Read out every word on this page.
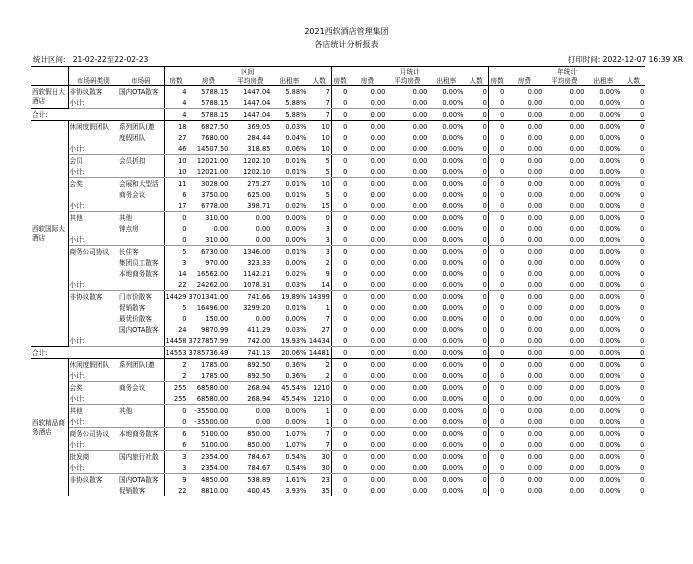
2021西软酒店管理集团
各店统计分析报表
统计区间: 21-02-22至22-02-23	打印时间: 2022-12-07 16:39 XR
			区间					月统计					年统计				
	市场码类别	市场码	房数	房费	平均房费	出租率	人数	房数	房费	平均房费	出租率	人数	房数	房费	平均房费	出租率	人数
西软假日大酒店	非协议散客	国内OTA散客	4	5788.15	1447.04	5.88%	7	0	0.00	0.00	0.00%	0	0	0.00	0.00	0.00%	0
	小计:		4	5788.15	1447.04	5.88%	7	0	0.00	0.00	0.00%	0	0	0.00	0.00	0.00%	0
合计:			4	5788.15	1447.04	5.88%	7	0	0.00	0.00	0.00%	0	0	0.00	0.00	0.00%	0
西软国际大酒店	休闲度假团队	系列团队(邀	18	6827.50	369.05	0.03%	10	0	0.00	0.00	0.00%	0	0	0.00	0.00	0.00%	0
		度假团队	27	7680.00	284.44	0.04%	10	0	0.00	0.00	0.00%	0	0	0.00	0.00	0.00%	0
	小计:		46	14507.50	318.85	0.06%	10	0	0.00	0.00	0.00%	0	0	0.00	0.00	0.00%	0
	会员	会员折扣	10	12021.00	1202.10	0.01%	5	0	0.00	0.00	0.00%	0	0	0.00	0.00	0.00%	0
	小计:		10	12021.00	1202.10	0.01%	5	0	0.00	0.00	0.00%	0	0	0.00	0.00	0.00%	0
	会奖	会展和大型活	11	3028.00	275.27	0.01%	10	0	0.00	0.00	0.00%	0	0	0.00	0.00	0.00%	0
		商务会议	6	3750.00	625.00	0.01%	5	0	0.00	0.00	0.00%	0	0	0.00	0.00	0.00%	0
	小计:		17	6778.00	398.71	0.02%	15	0	0.00	0.00	0.00%	0	0	0.00	0.00	0.00%	0
	其他	其他	0	310.00	0.00	0.00%	0	0	0.00	0.00	0.00%	0	0	0.00	0.00	0.00%	0
		钟点房	0	0.00	0.00	0.00%	3	0	0.00	0.00	0.00%	0	0	0.00	0.00	0.00%	0
	小计:		0	310.00	0.00	0.00%	3	0	0.00	0.00	0.00%	0	0	0.00	0.00	0.00%	0
	商务公司协议	长住客	5	6730.00	1346.00	0.01%	3	0	0.00	0.00	0.00%	0	0	0.00	0.00	0.00%	0
		集团员工散客	3	970.00	323.33	0.00%	2	0	0.00	0.00	0.00%	0	0	0.00	0.00	0.00%	0
		本地商务散客	14	16562.00	1142.21	0.02%	9	0	0.00	0.00	0.00%	0	0	0.00	0.00	0.00%	0
	小计:		22	24262.00	1078.31	0.03%	14	0	0.00	0.00	0.00%	0	0	0.00	0.00	0.00%	0
	非协议散客	门市价散客	14429	3701341.00	741.66	19.89%	14399	0	0.00	0.00	0.00%	0	0	0.00	0.00	0.00%	0
		促销散客	5	16496.00	3299.20	0.01%	1	0	0.00	0.00	0.00%	0	0	0.00	0.00	0.00%	0
		最优价散客	0	150.00	0.00	0.00%	7	0	0.00	0.00	0.00%	0	0	0.00	0.00	0.00%	0
		国内OTA散客	24	9870.99	411.29	0.03%	27	0	0.00	0.00	0.00%	0	0	0.00	0.00	0.00%	0
	小计:		14458	3727857.99	742.00	19.93%	14434	0	0.00	0.00	0.00%	0	0	0.00	0.00	0.00%	0
合计:			14553	3785736.49	741.13	20.06%	14481	0	0.00	0.00	0.00%	0	0	0.00	0.00	0.00%	0
西软精品商务酒店	休闲度假团队	系列团队(邀	2	1785.00	892.50	0.36%	2	0	0.00	0.00	0.00%	0	0	0.00	0.00	0.00%	0
	小计:		2	1785.00	892.50	0.36%	2	0	0.00	0.00	0.00%	0	0	0.00	0.00	0.00%	0
	会奖	商务会议	255	68580.00	268.94	45.54%	1210	0	0.00	0.00	0.00%	0	0	0.00	0.00	0.00%	0
	小计:		255	68580.00	268.94	45.54%	1210	0	0.00	0.00	0.00%	0	0	0.00	0.00	0.00%	0
	其他	其他	0	-35500.00	0.00	0.00%	1	0	0.00	0.00	0.00%	0	0	0.00	0.00	0.00%	0
	小计:		0	-35500.00	0.00	0.00%	1	0	0.00	0.00	0.00%	0	0	0.00	0.00	0.00%	0
	商务公司协议	本地商务散客	6	5100.00	850.00	1.07%	7	0	0.00	0.00	0.00%	0	0	0.00	0.00	0.00%	0
	小计:		6	5100.00	850.00	1.07%	7	0	0.00	0.00	0.00%	0	0	0.00	0.00	0.00%	0
	批发商	国内旅行社散	3	2354.00	784.67	0.54%	30	0	0.00	0.00	0.00%	0	0	0.00	0.00	0.00%	0
	小计:		3	2354.00	784.67	0.54%	30	0	0.00	0.00	0.00%	0	0	0.00	0.00	0.00%	0
	非协议散客	国内OTA散客	9	4850.00	538.89	1.61%	23	0	0.00	0.00	0.00%	0	0	0.00	0.00	0.00%	0
		促销散客	22	8810.00	400.45	3.93%	35	0	0.00	0.00	0.00%	0	0	0.00	0.00	0.00%	0
